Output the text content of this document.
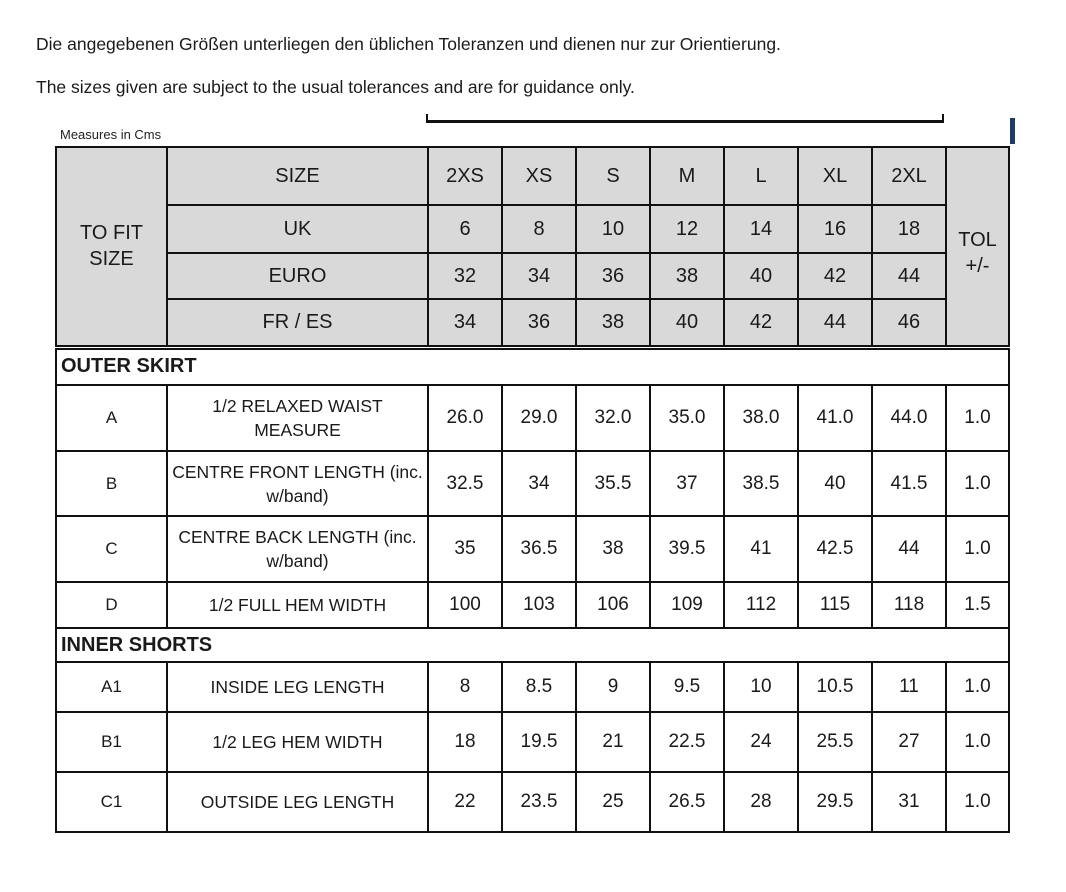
Die angegebenen Größen unterliegen den üblichen Toleranzen und dienen nur zur Orientierung.
The sizes given are subject to the usual tolerances and are for guidance only.
Measures in Cms
TO FIT SIZE	SIZE	2XS	XS	S	M	L	XL	2XL	TOL +/-
	UK	6	8	10	12	14	16	18	
	EURO	32	34	36	38	40	42	44	
	FR / ES	34	36	38	40	42	44	46	
OUTER SKIRT									
A	1/2 RELAXED WAIST MEASURE	26.0	29.0	32.0	35.0	38.0	41.0	44.0	1.0
B	CENTRE FRONT LENGTH (inc. w/band)	32.5	34	35.5	37	38.5	40	41.5	1.0
C	CENTRE BACK LENGTH (inc. w/band)	35	36.5	38	39.5	41	42.5	44	1.0
D	1/2 FULL HEM WIDTH	100	103	106	109	112	115	118	1.5
INNER SHORTS									
A1	INSIDE LEG LENGTH	8	8.5	9	9.5	10	10.5	11	1.0
B1	1/2 LEG HEM WIDTH	18	19.5	21	22.5	24	25.5	27	1.0
C1	OUTSIDE LEG LENGTH	22	23.5	25	26.5	28	29.5	31	1.0
